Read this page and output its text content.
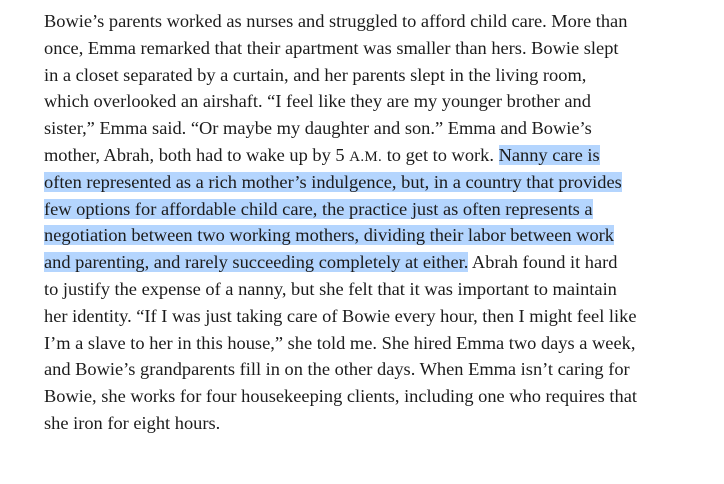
Bowie’s parents worked as nurses and struggled to afford child care. More than
once, Emma remarked that their apartment was smaller than hers. Bowie slept
in a closet separated by a curtain, and her parents slept in the living room,
which overlooked an airshaft. “I feel like they are my younger brother and
sister,” Emma said. “Or maybe my daughter and son.” Emma and Bowie’s
mother, Abrah, both had to wake up by 5 A.M. to get to work. Nanny care is
often represented as a rich mother’s indulgence, but, in a country that provides
few options for affordable child care, the practice just as often represents a
negotiation between two working mothers, dividing their labor between work
and parenting, and rarely succeeding completely at either. Abrah found it hard
to justify the expense of a nanny, but she felt that it was important to maintain
her identity. “If I was just taking care of Bowie every hour, then I might feel like
I’m a slave to her in this house,” she told me. She hired Emma two days a week,
and Bowie’s grandparents fill in on the other days. When Emma isn’t caring for
Bowie, she works for four housekeeping clients, including one who requires that
she iron for eight hours.
